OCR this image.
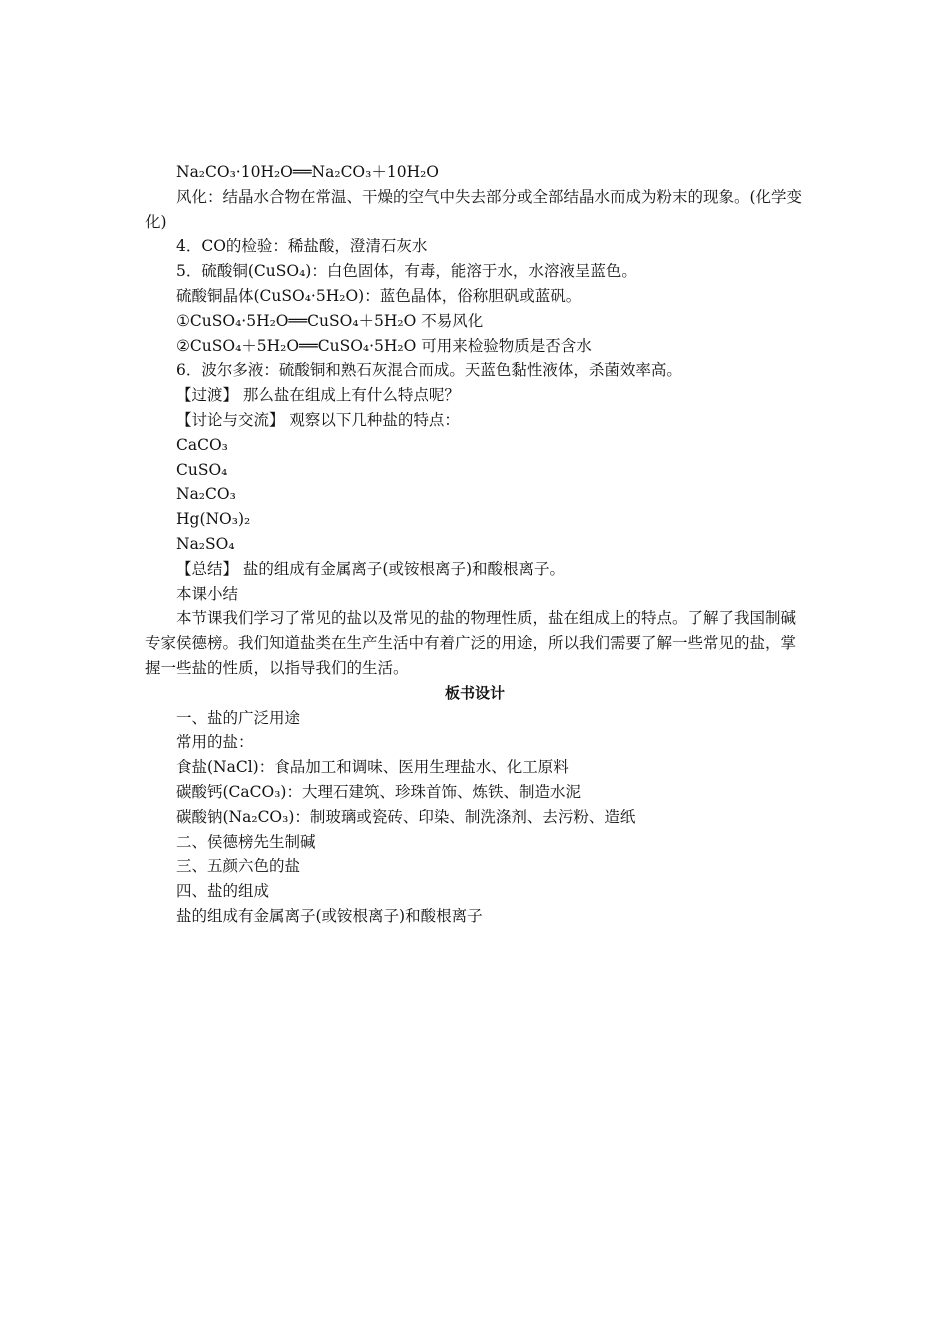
Na₂CO₃·10H₂O══Na₂CO₃＋10H₂O
风化：结晶水合物在常温、干燥的空气中失去部分或全部结晶水而成为粉末的现象。(化学变化)
4．CO的检验：稀盐酸，澄清石灰水
5．硫酸铜(CuSO₄)：白色固体，有毒，能溶于水，水溶液呈蓝色。
硫酸铜晶体(CuSO₄·5H₂O)：蓝色晶体，俗称胆矾或蓝矾。
①CuSO₄·5H₂O══CuSO₄＋5H₂O 不易风化
②CuSO₄＋5H₂O══CuSO₄·5H₂O 可用来检验物质是否含水
6．波尔多液：硫酸铜和熟石灰混合而成。天蓝色黏性液体，杀菌效率高。
【过渡】 那么盐在组成上有什么特点呢？
【讨论与交流】 观察以下几种盐的特点：
CaCO₃
CuSO₄
Na₂CO₃
Hg(NO₃)₂
Na₂SO₄
【总结】 盐的组成有金属离子(或铵根离子)和酸根离子。
本课小结
本节课我们学习了常见的盐以及常见的盐的物理性质，盐在组成上的特点。了解了我国制碱专家侯德榜。我们知道盐类在生产生活中有着广泛的用途，所以我们需要了解一些常见的盐，掌握一些盐的性质，以指导我们的生活。
板书设计
一、盐的广泛用途
常用的盐：
食盐(NaCl)：食品加工和调味、医用生理盐水、化工原料
碳酸钙(CaCO₃)：大理石建筑、珍珠首饰、炼铁、制造水泥
碳酸钠(Na₂CO₃)：制玻璃或瓷砖、印染、制洗涤剂、去污粉、造纸
二、侯德榜先生制碱
三、五颜六色的盐
四、盐的组成
盐的组成有金属离子(或铵根离子)和酸根离子
